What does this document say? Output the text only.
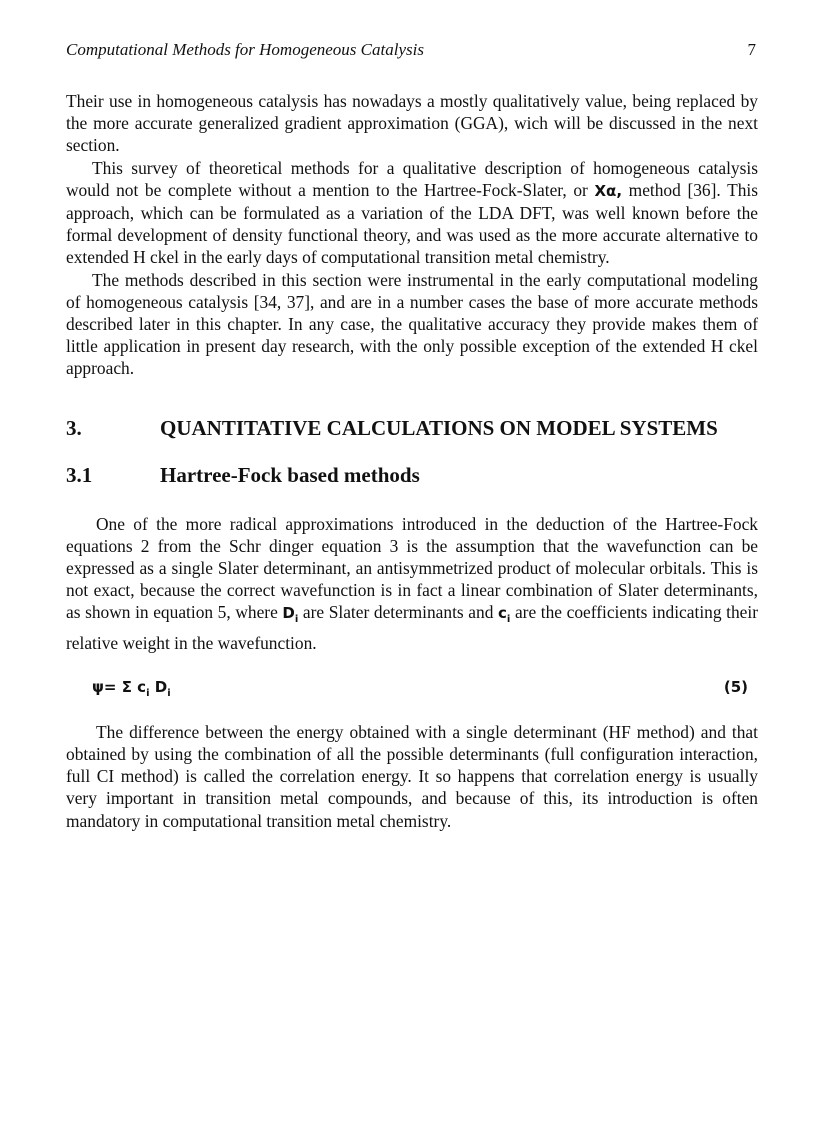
Computational Methods for Homogeneous Catalysis	7

Their use in homogeneous catalysis has nowadays a mostly qualitatively value, being replaced by the more accurate generalized gradient approximation (GGA), wich will be discussed in the next section.

This survey of theoretical methods for a qualitative description of homogeneous catalysis would not be complete without a mention to the Hartree-Fock-Slater, or Xα, method [36]. This approach, which can be formulated as a variation of the LDA DFT, was well known before the formal development of density functional theory, and was used as the more accurate alternative to extended H ckel in the early days of computational transition metal chemistry.

The methods described in this section were instrumental in the early computational modeling of homogeneous catalysis [34, 37], and are in a number cases the base of more accurate methods described later in this chapter. In any case, the qualitative accuracy they provide makes them of little application in present day research, with the only possible exception of the extended H ckel approach.

3.	QUANTITATIVE CALCULATIONS ON MODEL SYSTEMS
3.1	Hartree-Fock based methods

One of the more radical approximations introduced in the deduction of the Hartree-Fock equations 2 from the Schr dinger equation 3 is the assumption that the wavefunction can be expressed as a single Slater determinant, an antisymmetrized product of molecular orbitals. This is not exact, because the correct wavefunction is in fact a linear combination of Slater determinants, as shown in equation 5, where $D_i$ are Slater determinants and $c_i$ are the coefficients indicating their relative weight in the wavefunction.

ψ= Σ $c_i$ $D_i$	(5)

The difference between the energy obtained with a single determinant (HF method) and that obtained by using the combination of all the possible determinants (full configuration interaction, full CI method) is called the correlation energy. It so happens that correlation energy is usually very important in transition metal compounds, and because of this, its introduction is often mandatory in computational transition metal chemistry.
